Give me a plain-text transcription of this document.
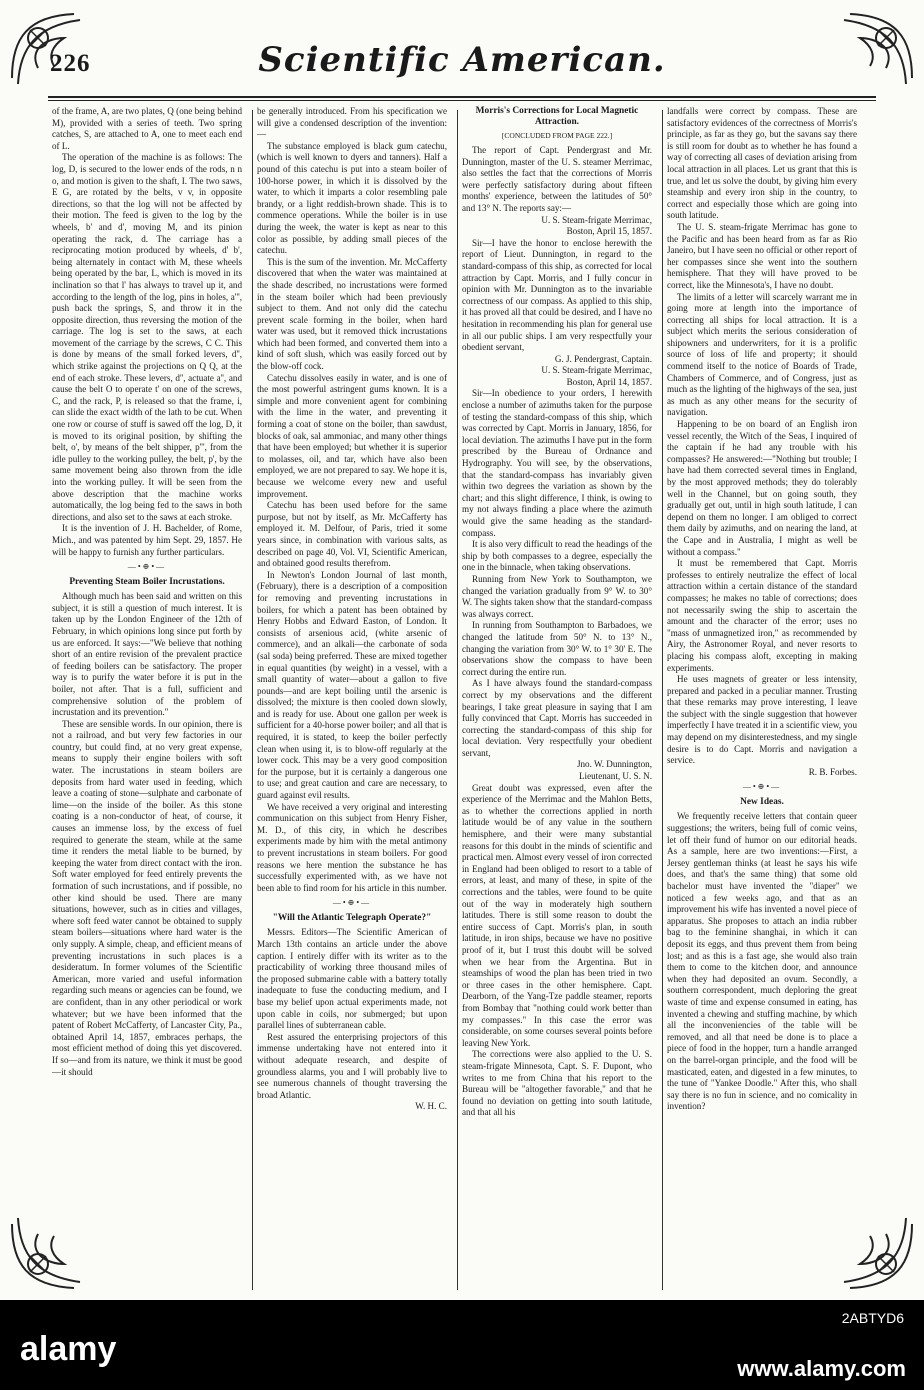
226	Scientific American.

of the frame, A, are two plates, Q (one being behind M), provided with a series of teeth. Two spring catches, S, are attached to A, one to meet each end of L.

The operation of the machine is as follows: The log, D, is secured to the lower ends of the rods, n n o, and motion is given to the shaft, I. The two saws, E G, are rotated by the belts, v v, in opposite directions, so that the log will not be affected by their motion. The feed is given to the log by the wheels, b' and d', moving M, and its pinion operating the rack, d. The carriage has a reciprocating motion produced by wheels, d' b', being alternately in contact with M, these wheels being operated by the bar, L, which is moved in its inclination so that l' has always to travel up it, and according to the length of the log, pins in holes, a''', push back the springs, S, and throw it in the opposite direction, thus reversing the motion of the carriage. The log is set to the saws, at each movement of the carriage by the screws, C C. This is done by means of the small forked levers, d'', which strike against the projections on Q Q, at the end of each stroke. These levers, d'', actuate a'', and cause the belt O to operate t' on one of the screws, C, and the rack, P, is released so that the frame, i, can slide the exact width of the lath to be cut. When one row or course of stuff is sawed off the log, D, it is moved to its original position, by shifting the belt, o', by means of the belt shipper, p''', from the idle pulley to the working pulley, the belt, p', by the same movement being also thrown from the idle into the working pulley. It will be seen from the above description that the machine works automatically, the log being fed to the saws in both directions, and also set to the saws at each stroke.

It is the invention of J. H. Bachelder, of Rome, Mich., and was patented by him Sept. 29, 1857. He will be happy to furnish any further particulars.

—•⊕•—
Preventing Steam Boiler Incrustations.

Although much has been said and written on this subject, it is still a question of much interest. It is taken up by the London Engineer of the 12th of February, in which opinions long since put forth by us are enforced. It says:—"We believe that nothing short of an entire revision of the prevalent practice of feeding boilers can be satisfactory. The proper way is to purify the water before it is put in the boiler, not after. That is a full, sufficient and comprehensive solution of the problem of incrustation and its prevention."

These are sensible words. In our opinion, there is not a railroad, and but very few factories in our country, but could find, at no very great expense, means to supply their engine boilers with soft water. The incrustations in steam boilers are deposits from hard water used in feeding, which leave a coating of stone—sulphate and carbonate of lime—on the inside of the boiler. As this stone coating is a non-conductor of heat, of course, it causes an immense loss, by the excess of fuel required to generate the steam, while at the same time it renders the metal liable to be burned, by keeping the water from direct contact with the iron. Soft water employed for feed entirely prevents the formation of such incrustations, and if possible, no other kind should be used. There are many situations, however, such as in cities and villages, where soft feed water cannot be obtained to supply steam boilers—situations where hard water is the only supply. A simple, cheap, and efficient means of preventing incrustations in such places is a desideratum. In former volumes of the Scientific American, more varied and useful information regarding such means or agencies can be found, we are confident, than in any other periodical or work whatever; but we have been informed that the patent of Robert McCafferty, of Lancaster City, Pa., obtained April 14, 1857, embraces perhaps, the most efficient method of doing this yet discovered. If so—and from its nature, we think it must be good—it should

be generally introduced. From his specification we will give a condensed description of the invention:—

The substance employed is black gum catechu, (which is well known to dyers and tanners). Half a pound of this catechu is put into a steam boiler of 100-horse power, in which it is dissolved by the water, to which it imparts a color resembling pale brandy, or a light reddish-brown shade. This is to commence operations. While the boiler is in use during the week, the water is kept as near to this color as possible, by adding small pieces of the catechu.

This is the sum of the invention. Mr. McCafferty discovered that when the water was maintained at the shade described, no incrustations were formed in the steam boiler which had been previously subject to them. And not only did the catechu prevent scale forming in the boiler, when hard water was used, but it removed thick incrustations which had been formed, and converted them into a kind of soft slush, which was easily forced out by the blow-off cock.

Catechu dissolves easily in water, and is one of the most powerful astringent gums known. It is a simple and more convenient agent for combining with the lime in the water, and preventing it forming a coat of stone on the boiler, than sawdust, blocks of oak, sal ammoniac, and many other things that have been employed; but whether it is superior to molasses, oil, and tar, which have also been employed, we are not prepared to say. We hope it is, because we welcome every new and useful improvement.

Catechu has been used before for the same purpose, but not by itself, as Mr. McCafferty has employed it. M. Delfour, of Paris, tried it some years since, in combination with various salts, as described on page 40, Vol. VI, Scientific American, and obtained good results therefrom.

In Newton's London Journal of last month, (February), there is a description of a composition for removing and preventing incrustations in boilers, for which a patent has been obtained by Henry Hobbs and Edward Easton, of London. It consists of arsenious acid, (white arsenic of commerce), and an alkali—the carbonate of soda (sal soda) being preferred. These are mixed together in equal quantities (by weight) in a vessel, with a small quantity of water—about a gallon to five pounds—and are kept boiling until the arsenic is dissolved; the mixture is then cooled down slowly, and is ready for use. About one gallon per week is sufficient for a 40-horse power boiler; and all that is required, it is stated, to keep the boiler perfectly clean when using it, is to blow-off regularly at the lower cock. This may be a very good composition for the purpose, but it is certainly a dangerous one to use; and great caution and care are necessary, to guard against evil results.

We have received a very original and interesting communication on this subject from Henry Fisher, M. D., of this city, in which he describes experiments made by him with the metal antimony to prevent incrustations in steam boilers. For good reasons we here mention the substance he has successfully experimented with, as we have not been able to find room for his article in this number.

—•⊕•—
"Will the Atlantic Telegraph Operate?"

Messrs. Editors—The Scientific American of March 13th contains an article under the above caption. I entirely differ with its writer as to the practicability of working three thousand miles of the proposed submarine cable with a battery totally inadequate to fuse the conducting medium, and I base my belief upon actual experiments made, not upon cable in coils, nor submerged; but upon parallel lines of subterranean cable.

Rest assured the enterprising projectors of this immense undertaking have not entered into it without adequate research, and despite of groundless alarms, you and I will probably live to see numerous channels of thought traversing the broad Atlantic.

W. H. C.

Morris's Corrections for Local Magnetic Attraction.
[CONCLUDED FROM PAGE 222.]

The report of Capt. Pendergrast and Mr. Dunnington, master of the U. S. steamer Merrimac, also settles the fact that the corrections of Morris were perfectly satisfactory during about fifteen months' experience, between the latitudes of 50° and 13° N. The reports say:—

U. S. Steam-frigate Merrimac,

Boston, April 15, 1857.

Sir—I have the honor to enclose herewith the report of Lieut. Dunnington, in regard to the standard-compass of this ship, as corrected for local attraction by Capt. Morris, and I fully concur in opinion with Mr. Dunnington as to the invariable correctness of our compass. As applied to this ship, it has proved all that could be desired, and I have no hesitation in recommending his plan for general use in all our public ships. I am very respectfully your obedient servant,

G. J. Pendergrast, Captain.

U. S. Steam-frigate Merrimac,

Boston, April 14, 1857.

Sir—In obedience to your orders, I herewith enclose a number of azimuths taken for the purpose of testing the standard-compass of this ship, which was corrected by Capt. Morris in January, 1856, for local deviation. The azimuths I have put in the form prescribed by the Bureau of Ordnance and Hydrography. You will see, by the observations, that the standard-compass has invariably given within two degrees the variation as shown by the chart; and this slight difference, I think, is owing to my not always finding a place where the azimuth would give the same heading as the standard-compass.

It is also very difficult to read the headings of the ship by both compasses to a degree, especially the one in the binnacle, when taking observations.

Running from New York to Southampton, we changed the variation gradually from 9° W. to 30° W. The sights taken show that the standard-compass was always correct.

In running from Southampton to Barbadoes, we changed the latitude from 50° N. to 13° N., changing the variation from 30° W. to 1° 30' E. The observations show the compass to have been correct during the entire run.

As I have always found the standard-compass correct by my observations and the different bearings, I take great pleasure in saying that I am fully convinced that Capt. Morris has succeeded in correcting the standard-compass of this ship for local deviation. Very respectfully your obedient servant,

Jno. W. Dunnington,

Lieutenant, U. S. N.

Great doubt was expressed, even after the experience of the Merrimac and the Mahlon Betts, as to whether the corrections applied in north latitude would be of any value in the southern hemisphere, and their were many substantial reasons for this doubt in the minds of scientific and practical men. Almost every vessel of iron corrected in England had been obliged to resort to a table of errors, at least, and many of these, in spite of the corrections and the tables, were found to be quite out of the way in moderately high southern latitudes. There is still some reason to doubt the entire success of Capt. Morris's plan, in south latitude, in iron ships, because we have no positive proof of it, but I trust this doubt will be solved when we hear from the Argentina. But in steamships of wood the plan has been tried in two or three cases in the other hemisphere. Capt. Dearborn, of the Yang-Tze paddle steamer, reports from Bombay that "nothing could work better than my compasses." In this case the error was considerable, on some courses several points before leaving New York.

The corrections were also applied to the U. S. steam-frigate Minnesota, Capt. S. F. Dupont, who writes to me from China that his report to the Bureau will be "altogether favorable," and that he found no deviation on getting into south latitude, and that all his

landfalls were correct by compass. These are satisfactory evidences of the correctness of Morris's principle, as far as they go, but the savans say there is still room for doubt as to whether he has found a way of correcting all cases of deviation arising from local attraction in all places. Let us grant that this is true, and let us solve the doubt, by giving him every steamship and every iron ship in the country, to correct and especially those which are going into south latitude.

The U. S. steam-frigate Merrimac has gone to the Pacific and has been heard from as far as Rio Janeiro, but I have seen no official or other report of her compasses since she went into the southern hemisphere. That they will have proved to be correct, like the Minnesota's, I have no doubt.

The limits of a letter will scarcely warrant me in going more at length into the importance of correcting all ships for local attraction. It is a subject which merits the serious consideration of shipowners and underwriters, for it is a prolific source of loss of life and property; it should commend itself to the notice of Boards of Trade, Chambers of Commerce, and of Congress, just as much as the lighting of the highways of the sea, just as much as any other means for the security of navigation.

Happening to be on board of an English iron vessel recently, the Witch of the Seas, I inquired of the captain if he had any trouble with his compasses? He answered:—"Nothing but trouble; I have had them corrected several times in England, by the most approved methods; they do tolerably well in the Channel, but on going south, they gradually get out, until in high south latitude, I can depend on them no longer. I am obliged to correct them daily by azimuths, and on nearing the land, at the Cape and in Australia, I might as well be without a compass."

It must be remembered that Capt. Morris professes to entirely neutralize the effect of local attraction within a certain distance of the standard compasses; he makes no table of corrections; does not necessarily swing the ship to ascertain the amount and the character of the error; uses no "mass of unmagnetized iron," as recommended by Airy, the Astronomer Royal, and never resorts to placing his compass aloft, excepting in making experiments.

He uses magnets of greater or less intensity, prepared and packed in a peculiar manner. Trusting that these remarks may prove interesting, I leave the subject with the single suggestion that however imperfectly I have treated it in a scientific view, you may depend on my disinterestedness, and my single desire is to do Capt. Morris and navigation a service.

R. B. Forbes.

—•⊕•—
New Ideas.

We frequently receive letters that contain queer suggestions; the writers, being full of comic veins, let off their fund of humor on our editorial heads. As a sample, here are two inventions:—First, a Jersey gentleman thinks (at least he says his wife does, and that's the same thing) that some old bachelor must have invented the "diaper" we noticed a few weeks ago, and that as an improvement his wife has invented a novel piece of apparatus. She proposes to attach an india rubber bag to the feminine shanghai, in which it can deposit its eggs, and thus prevent them from being lost; and as this is a fast age, she would also train them to come to the kitchen door, and announce when they had deposited an ovum. Secondly, a southern correspondent, much deploring the great waste of time and expense consumed in eating, has invented a chewing and stuffing machine, by which all the inconveniencies of the table will be removed, and all that need be done is to place a piece of food in the hopper, turn a handle arranged on the barrel-organ principle, and the food will be masticated, eaten, and digested in a few minutes, to the tune of "Yankee Doodle." After this, who shall say there is no fun in science, and no comicality in invention?

alamy
2ABTYD6
www.alamy.com
